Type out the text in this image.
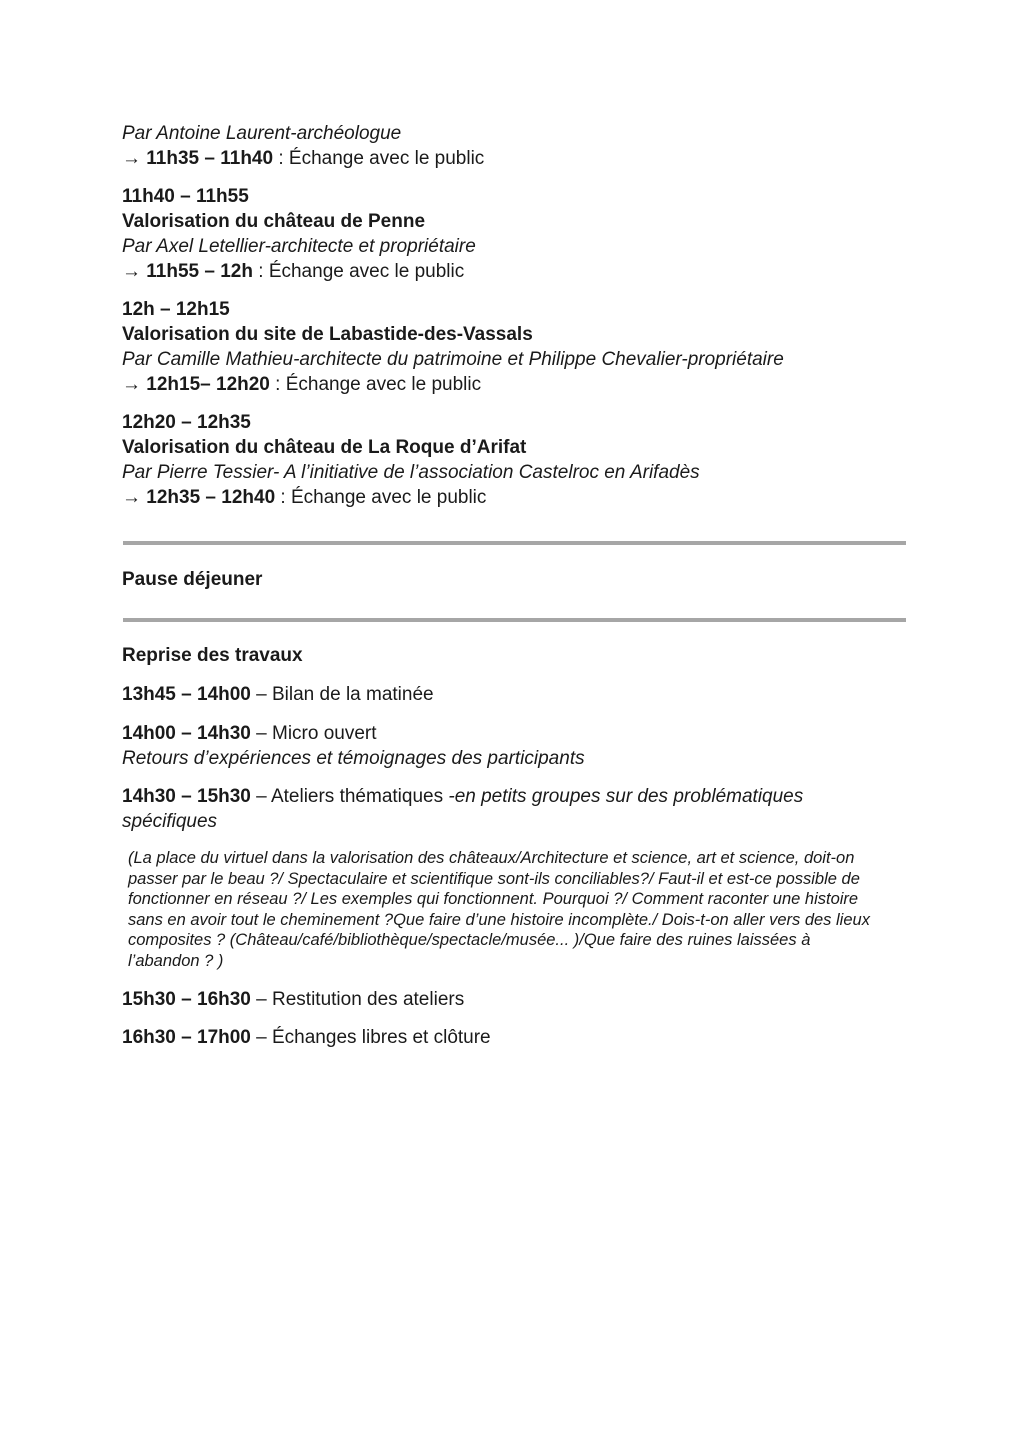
Par Antoine Laurent-archéologue
→ 11h35 – 11h40 : Échange avec le public
11h40 – 11h55
Valorisation du château de Penne
Par Axel Letellier-architecte et propriétaire
→ 11h55 – 12h : Échange avec le public
12h – 12h15
Valorisation du site de Labastide-des-Vassals
Par Camille Mathieu-architecte du patrimoine et Philippe Chevalier-propriétaire
→ 12h15– 12h20 : Échange avec le public
12h20 – 12h35
Valorisation du château de La Roque d’Arifat
Par Pierre Tessier- A l’initiative de l’association Castelroc en Arifadès
→ 12h35 – 12h40 : Échange avec le public
Pause déjeuner
Reprise des travaux
13h45 – 14h00 – Bilan de la matinée
14h00 – 14h30 – Micro ouvert
Retours d’expériences et témoignages des participants
14h30 – 15h30 – Ateliers thématiques -en petits groupes sur des problématiques
spécifiques
(La place du virtuel dans la valorisation des châteaux/Architecture et science, art et science, doit-on
passer par le beau ?/ Spectaculaire et scientifique sont-ils conciliables?/ Faut-il et est-ce possible de
fonctionner en réseau ?/ Les exemples qui fonctionnent. Pourquoi ?/ Comment raconter une histoire
sans en avoir tout le cheminement ?Que faire d’une histoire incomplète./ Dois-t-on aller vers des lieux
composites ? (Château/café/bibliothèque/spectacle/musée... )/Que faire des ruines laissées à
l’abandon ? )
15h30 – 16h30 – Restitution des ateliers
16h30 – 17h00 – Échanges libres et clôture
